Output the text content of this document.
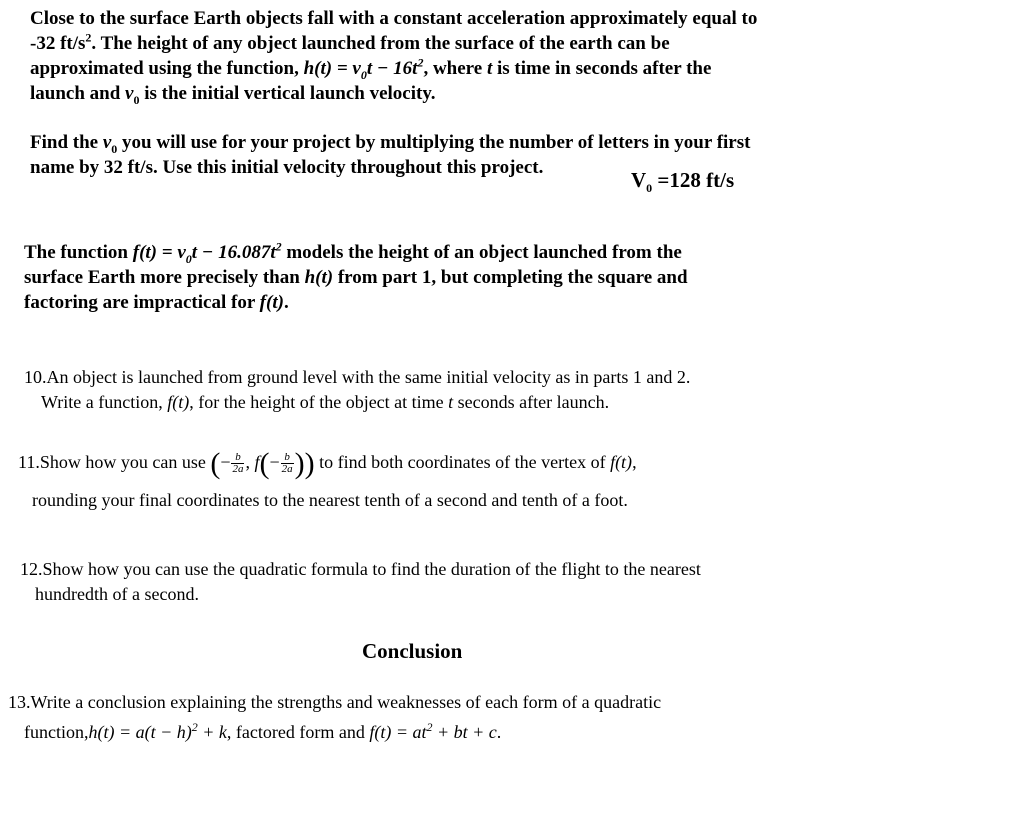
Close to the surface Earth objects fall with a constant acceleration approximately equal to
-32 $ft/s^2$. The height of any object launched from the surface of the earth can be
approximated using the function, $h(t) = v_0t - 16t^2$, where t is time in seconds after the
launch and $v_0$ is the initial vertical launch velocity.
Find the $v_0$ you will use for your project by multiplying the number of letters in your first
name by 32 ft/s. Use this initial velocity throughout this project.
$V_0 =128$ ft/s
The function $f(t) = v_0t - 16.087t^2$ models the height of an object launched from the
surface Earth more precisely than h(t) from part 1, but completing the square and
factoring are impractical for f(t).
10.An object is launched from ground level with the same initial velocity as in parts 1 and 2.
Write a function, f(t), for the height of the object at time t seconds after launch.
11.Show how you can use (− $\frac{b}{2a}$ , $f(- \frac{b}{2a}$ )) to find both coordinates of the vertex of f(t),
rounding your final coordinates to the nearest tenth of a second and tenth of a foot.
12.Show how you can use the quadratic formula to find the duration of the flight to the nearest
hundredth of a second.
Conclusion
13.Write a conclusion explaining the strengths and weaknesses of each form of a quadratic
function,h(t) = $a(t - h)^2 + k$, factored form and $f(t) = at^2$ + bt + c.
